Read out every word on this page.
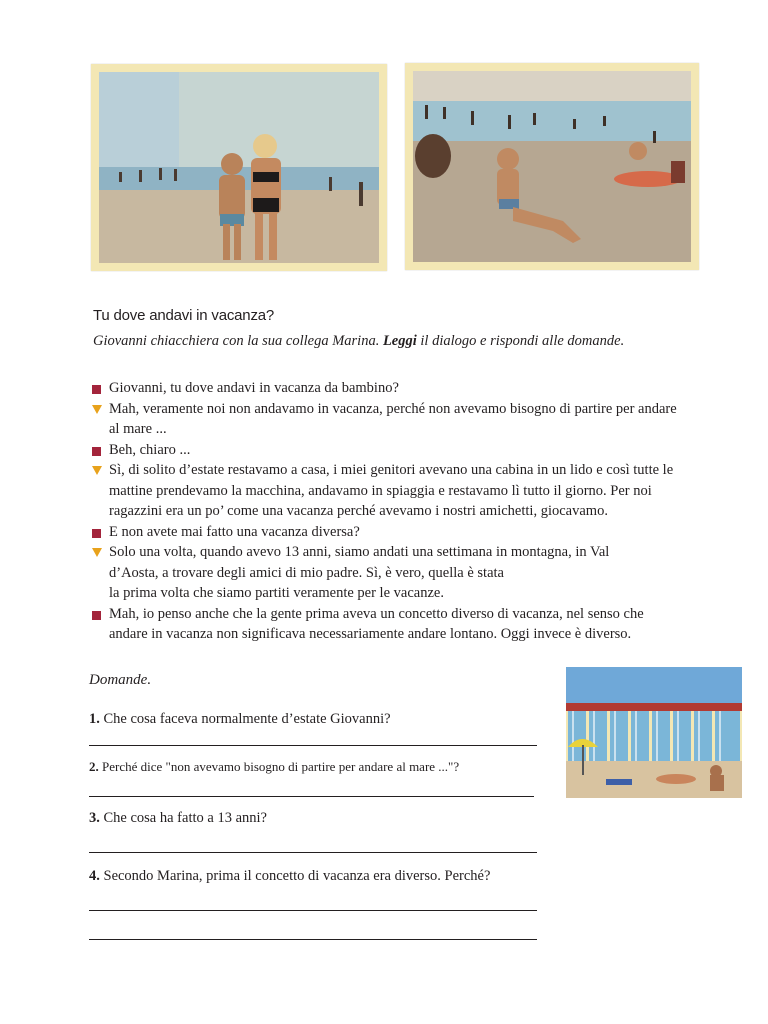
Tu dove andavi in vacanza?
Giovanni chiacchiera con la sua collega Marina. Leggi il dialogo e rispondi alle domande.
Giovanni, tu dove andavi in vacanza da bambino?
Mah, veramente noi non andavamo in vacanza, perché non avevamo bisogno di partire per andare
al mare ...
Beh, chiaro ...
Sì, di solito d’estate restavamo a casa, i miei genitori avevano una cabina in un lido e così tutte le
mattine prendevamo la macchina, andavamo in spiaggia e restavamo lì tutto il giorno. Per noi
ragazzini era un po’ come una vacanza perché avevamo i nostri amichetti, giocavamo.
E non avete mai fatto una vacanza diversa?
Solo una volta, quando avevo 13 anni, siamo andati una settimana in montagna, in Val
d’Aosta, a trovare degli amici di mio padre. Sì, è vero, quella è stata
la prima volta che siamo partiti veramente per le vacanze.
Mah, io penso anche che la gente prima aveva un concetto diverso di vacanza, nel senso che
andare in vacanza non significava necessariamente andare lontano. Oggi invece è diverso.
Domande.
1. Che cosa faceva normalmente d’estate Giovanni?
2. Perché dice "non avevamo bisogno di partire per andare al mare ..."?
3. Che cosa ha fatto a 13 anni?
4. Secondo Marina, prima il concetto di vacanza era diverso. Perché?
